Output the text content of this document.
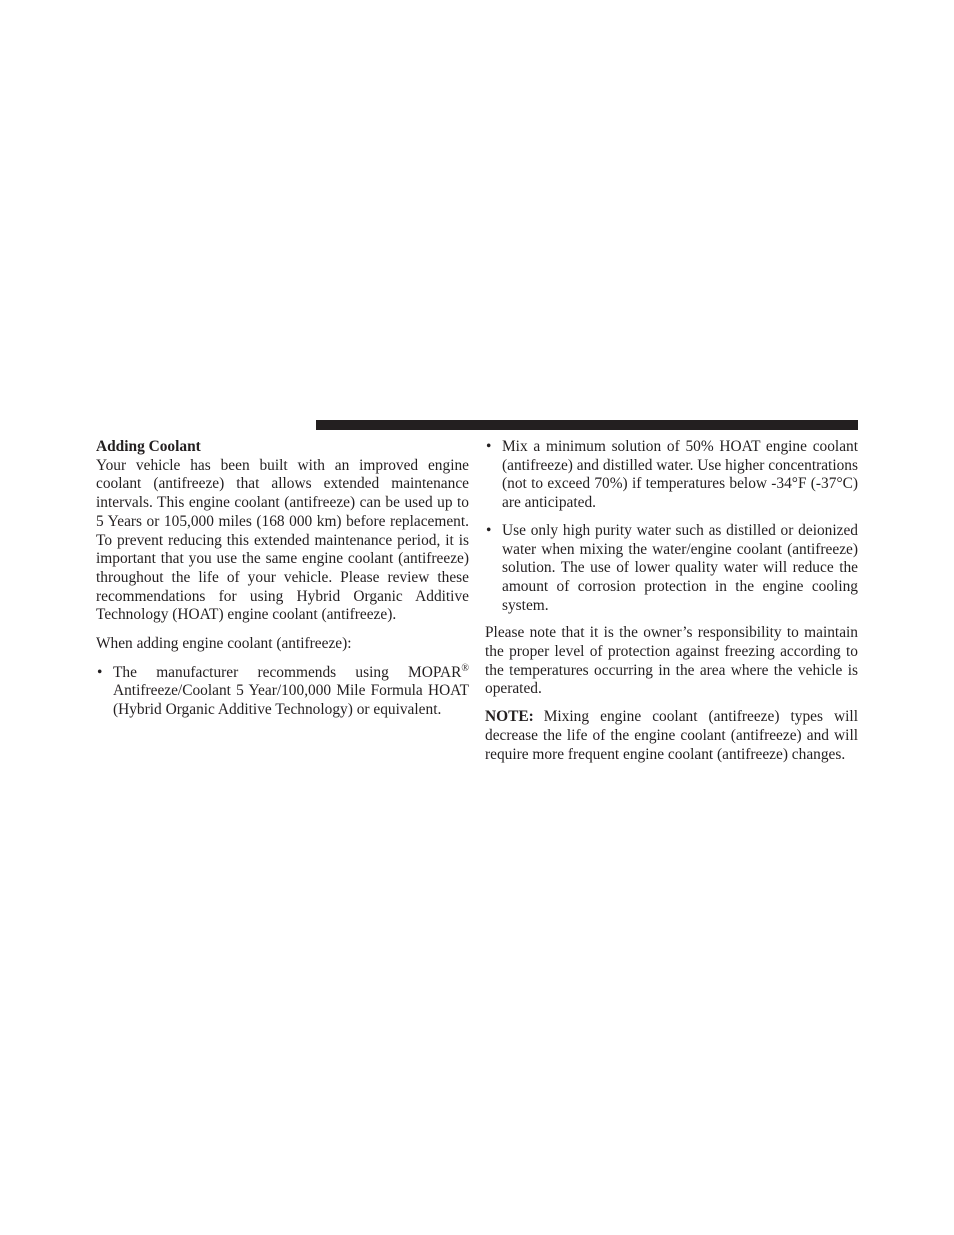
Adding Coolant

Your vehicle has been built with an improved engine coolant (antifreeze) that allows extended maintenance intervals. This engine coolant (antifreeze) can be used up to 5 Years or 105,000 miles (168 000 km) before replacement. To prevent reducing this extended maintenance period, it is important that you use the same engine coolant (antifreeze) throughout the life of your vehicle. Please review these recommendations for using Hybrid Organic Additive Technology (HOAT) engine coolant (antifreeze).

When adding engine coolant (antifreeze):

• The manufacturer recommends using MOPAR® Antifreeze/Coolant 5 Year/100,000 Mile Formula HOAT (Hybrid Organic Additive Technology) or equivalent.
• Mix a minimum solution of 50% HOAT engine coolant (antifreeze) and distilled water. Use higher concentrations (not to exceed 70%) if temperatures below -34°F (-37°C) are anticipated.
• Use only high purity water such as distilled or deionized water when mixing the water/engine coolant (antifreeze) solution. The use of lower quality water will reduce the amount of corrosion protection in the engine cooling system.

Please note that it is the owner’s responsibility to maintain the proper level of protection against freezing according to the temperatures occurring in the area where the vehicle is operated.

NOTE: Mixing engine coolant (antifreeze) types will decrease the life of the engine coolant (antifreeze) and will require more frequent engine coolant (antifreeze) changes.
